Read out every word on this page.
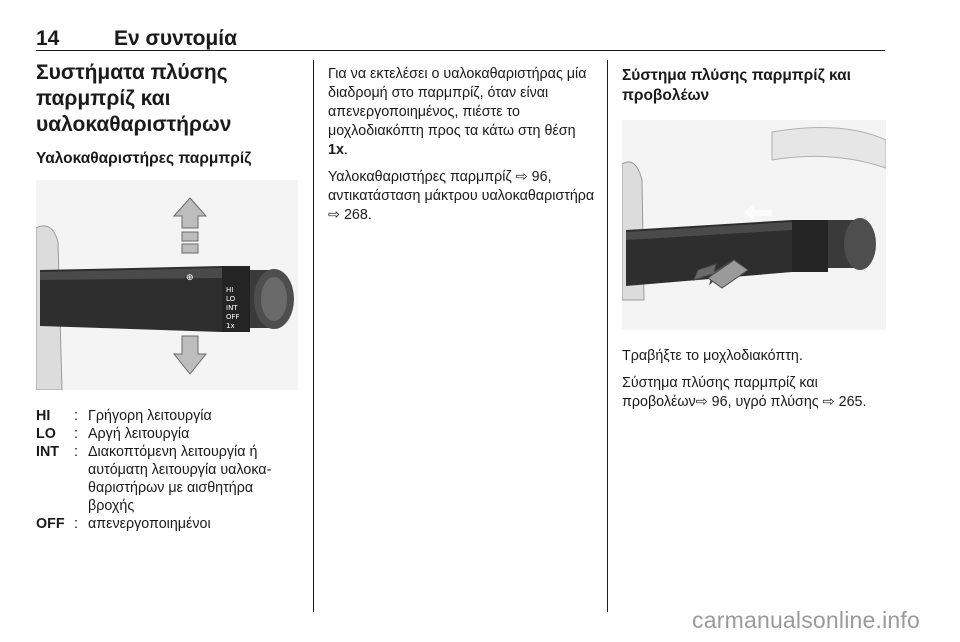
14	Εν συντομία
Συστήματα πλύσης παρμπρίζ και υαλοκαθαριστήρων
Υαλοκαθαριστήρες παρμπρίζ
⊕
HI
LO
INT
OFF
1x
HI	: Γρήγορη λειτουργία
LO	: Αργή λειτουργία
INT	: Διακοπτόμενη λειτουργία ή αυτόματη λειτουργία υαλοκαθαριστήρων με αισθητήρα βροχής
OFF : απενεργοποιημένοι

Για να εκτελέσει ο υαλοκαθαριστήρας μία διαδρομή στο παρμπρίζ, όταν είναι απενεργοποιημένος, πιέστε το μοχλοδιακόπτη προς τα κάτω στη θέση 1x.

Υαλοκαθαριστήρες παρμπρίζ ⇨ 96, αντικατάσταση μάκτρου υαλοκαθαριστήρα ⇨ 268.

Σύστημα πλύσης παρμπρίζ και προβολέων

Τραβήξτε το μοχλοδιακόπτη.

Σύστημα πλύσης παρμπρίζ και προβολέων⇨ 96, υγρό πλύσης ⇨ 265.

carmanualsonline.info
